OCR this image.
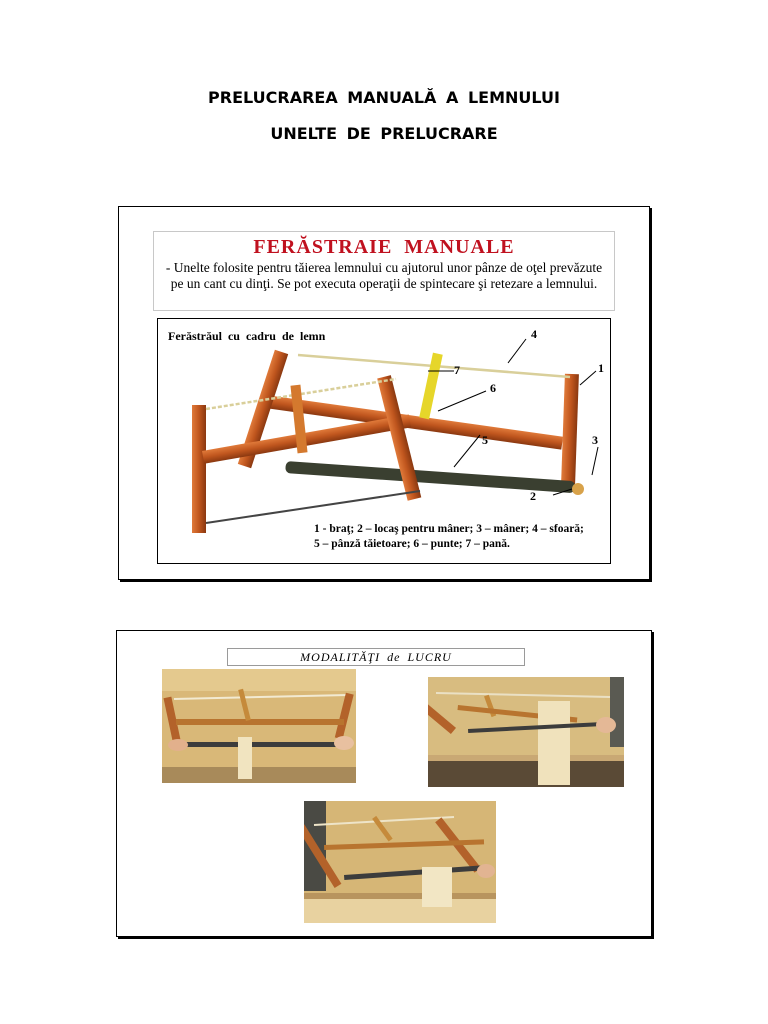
PRELUCRAREA MANUALĂ A LEMNULUI
UNELTE DE PRELUCRARE
FERĂSTRAIE MANUALE
- Unelte folosite pentru tăierea lemnului cu ajutorul unor pânze de oţel prevăzute pe un cant cu dinţi. Se pot executa operaţii de spintecare şi retezare a lemnului.
Ferăstrăul cu cadru de lemn
1
2
3
4
5
6
7
1 - braţ; 2 – locaş pentru mâner; 3 – mâner; 4 – sfoară;
5 – pânză tăietoare; 6 – punte; 7 – pană.
MODALITĂŢI de LUCRU
